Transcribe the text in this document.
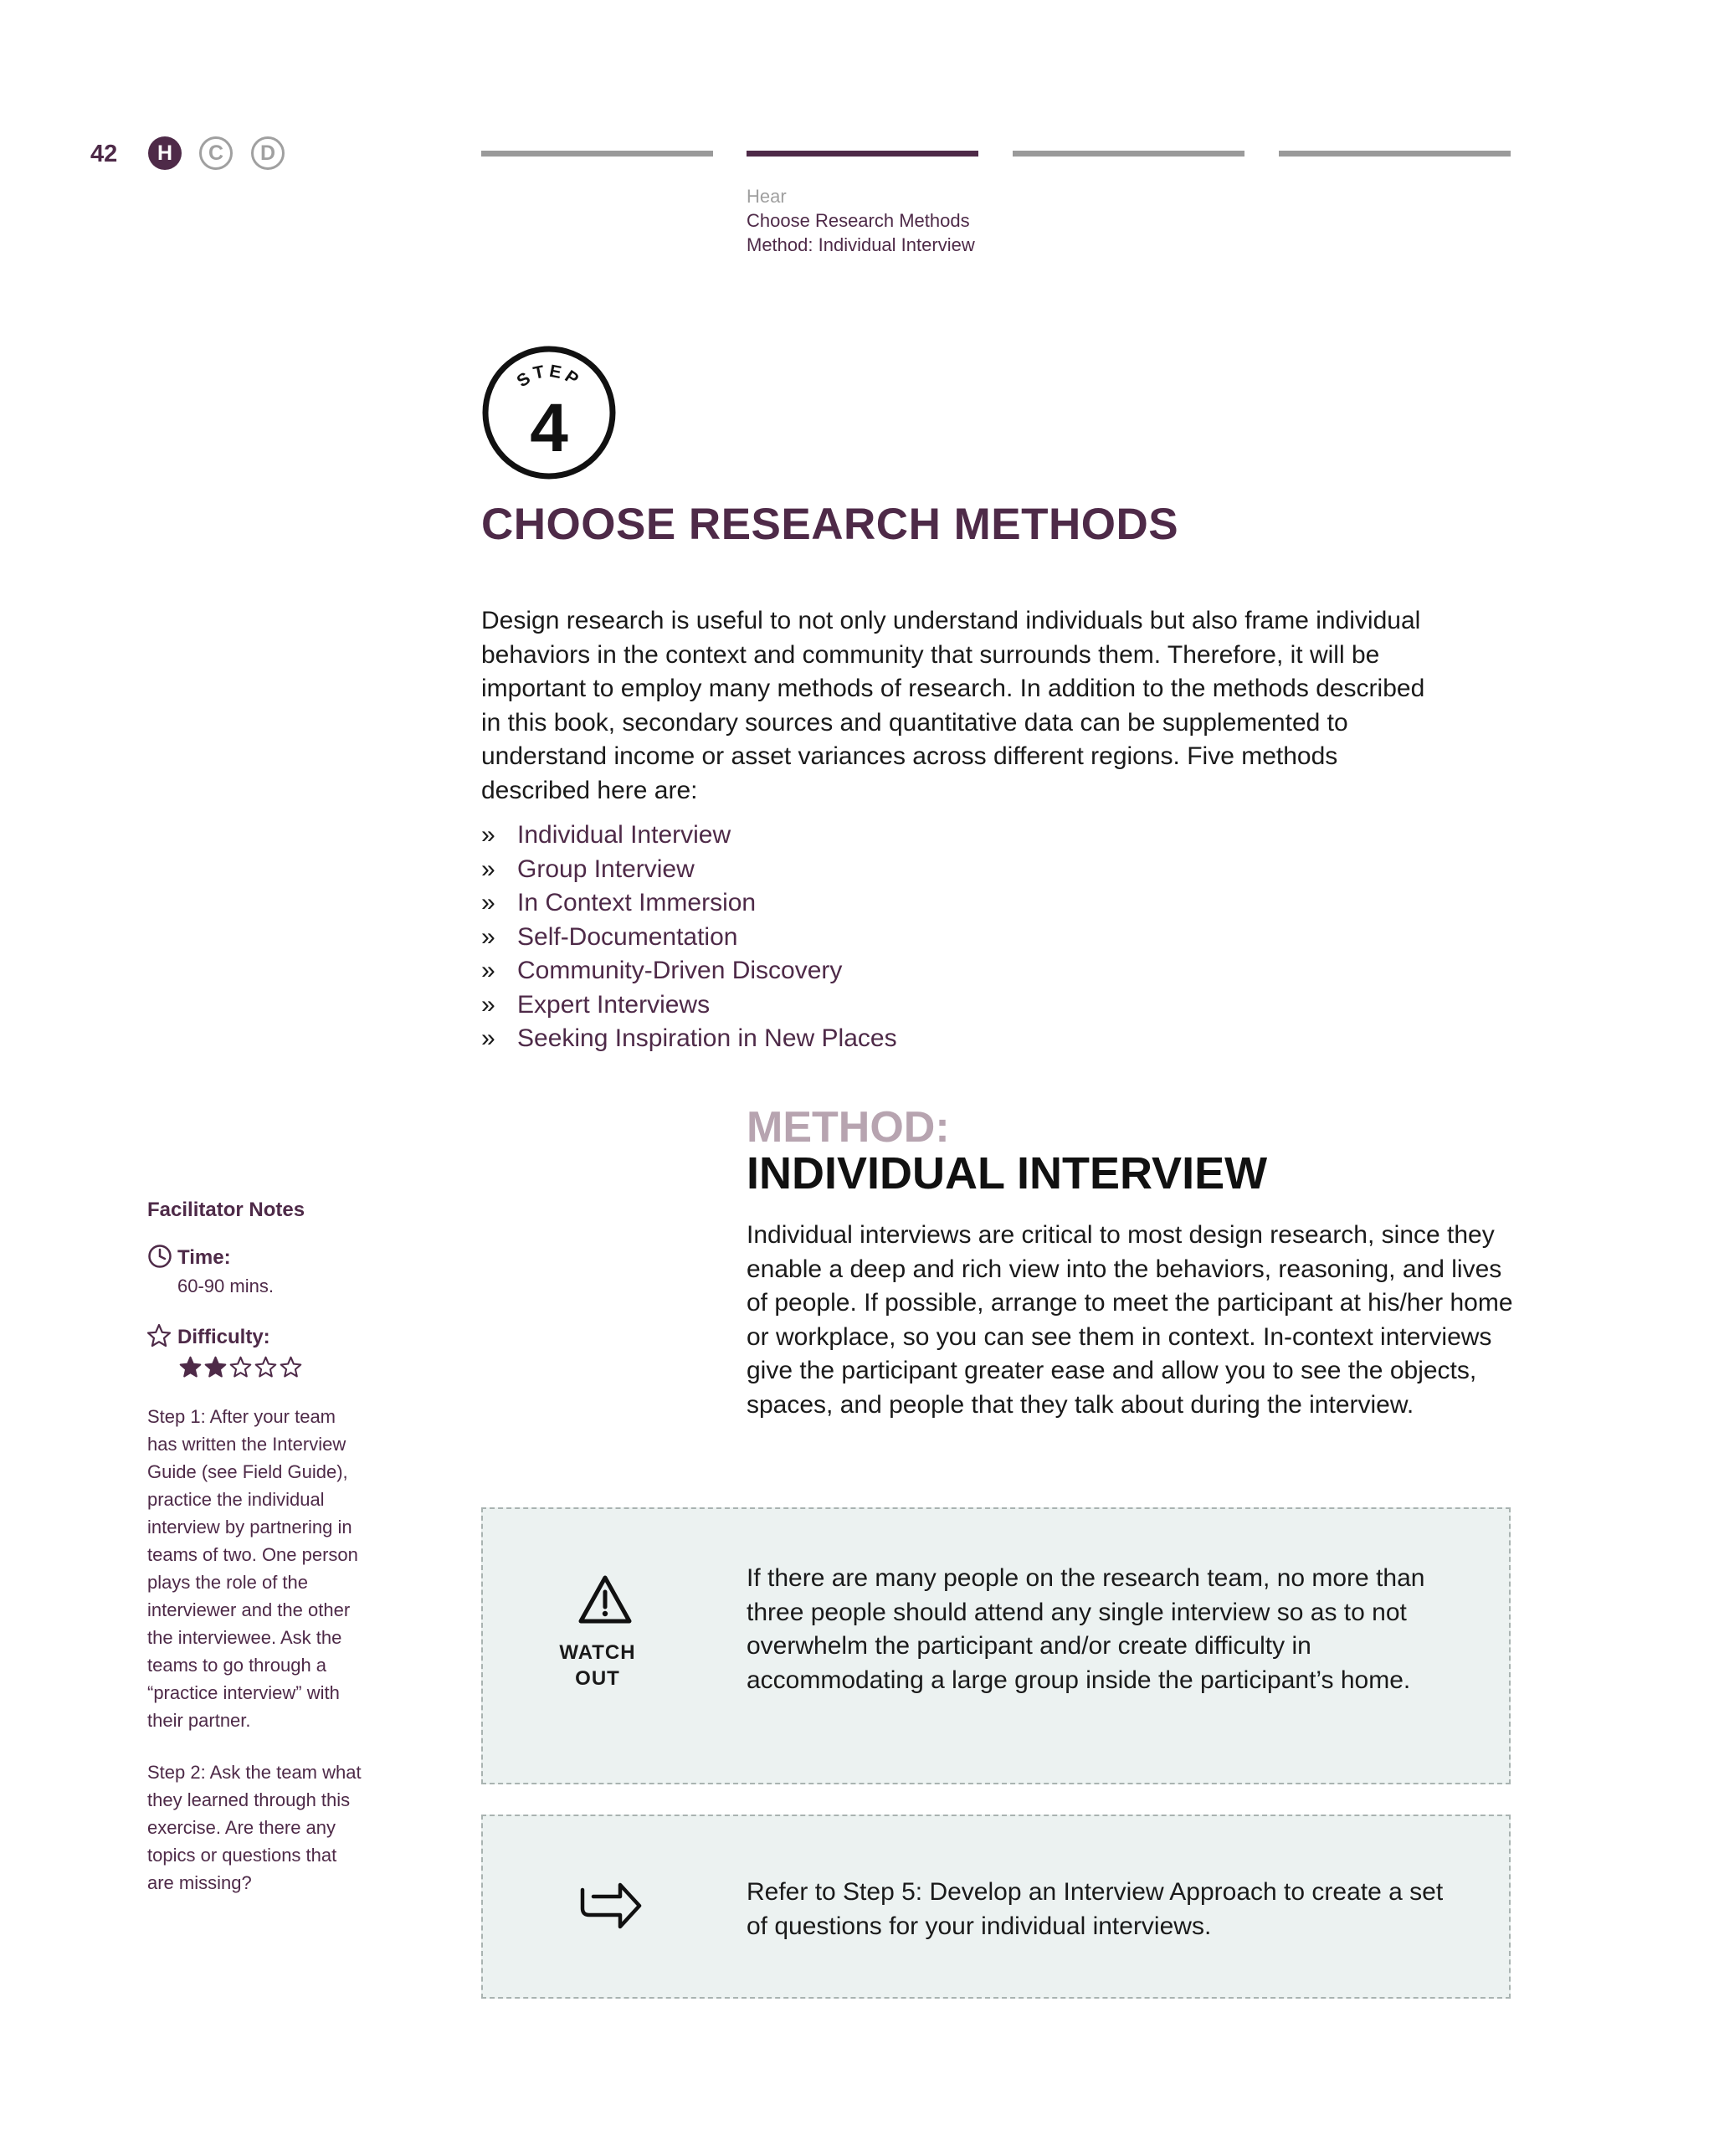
42	H	C	D
Hear
Choose Research Methods
Method: Individual Interview
STEP
4
CHOOSE RESEARCH METHODS
Design research is useful to not only understand individuals but also frame individual behaviors in the context and community that surrounds them. Therefore, it will be important to employ many methods of research. In addition to the methods described in this book, secondary sources and quantitative data can be supplemented to understand income or asset variances across different regions. Five methods described here are:
» Individual Interview
» Group Interview
» In Context Immersion
» Self-Documentation
» Community-Driven Discovery
» Expert Interviews
» Seeking Inspiration in New Places
METHOD:
INDIVIDUAL INTERVIEW
Individual interviews are critical to most design research, since they enable a deep and rich view into the behaviors, reasoning, and lives of people. If possible, arrange to meet the participant at his/her home or workplace, so you can see them in context. In-context interviews give the participant greater ease and allow you to see the objects, spaces, and people that they talk about during the interview.
Facilitator Notes
Time:
60-90 mins.
Difficulty:

Step 1: After your team has written the Interview Guide (see Field Guide), practice the individual interview by partnering in teams of two. One person plays the role of the interviewer and the other the interviewee. Ask the teams to go through a “practice interview” with their partner.

Step 2: Ask the team what they learned through this exercise. Are there any topics or questions that are missing?

WATCH
OUT
If there are many people on the research team, no more than three people should attend any single interview so as to not overwhelm the participant and/or create difficulty in accommodating a large group inside the participant’s home.
Refer to Step 5: Develop an Interview Approach to create a set of questions for your individual interviews.
